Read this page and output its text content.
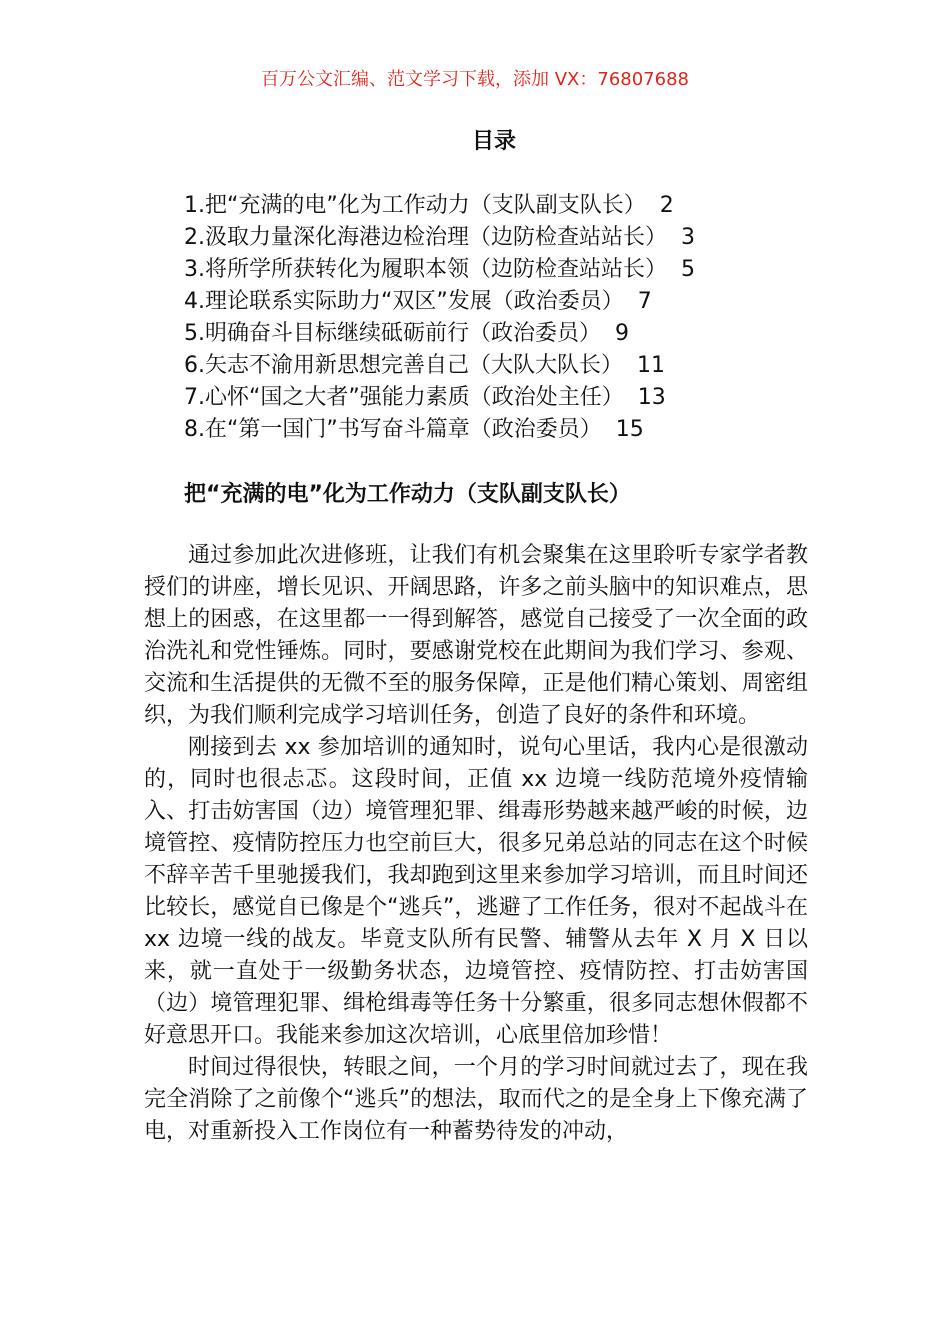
百万公文汇编、范文学习下载，添加 VX：76807688
目录
1.把“充满的电”化为工作动力（支队副支队长） 2
2.汲取力量深化海港边检治理（边防检查站站长） 3
3.将所学所获转化为履职本领（边防检查站站长） 5
4.理论联系实际助力“双区”发展（政治委员） 7
5.明确奋斗目标继续砥砺前行（政治委员） 9
6.矢志不渝用新思想完善自己（大队大队长） 11
7.心怀“国之大者”强能力素质（政治处主任） 13
8.在“第一国门”书写奋斗篇章（政治委员） 15
把“充满的电”化为工作动力（支队副支队长）

通过参加此次进修班，让我们有机会聚集在这里聆听专家学者教授们的讲座，增长见识、开阔思路，许多之前头脑中的知识难点，思想上的困惑，在这里都一一得到解答，感觉自己接受了一次全面的政治洗礼和党性锤炼。同时，要感谢党校在此期间为我们学习、参观、交流和生活提供的无微不至的服务保障，正是他们精心策划、周密组织，为我们顺利完成学习培训任务，创造了良好的条件和环境。

刚接到去 xx 参加培训的通知时，说句心里话，我内心是很激动的，同时也很忐忑。这段时间，正值 xx 边境一线防范境外疫情输入、打击妨害国（边）境管理犯罪、缉毒形势越来越严峻的时候，边境管控、疫情防控压力也空前巨大，很多兄弟总站的同志在这个时候不辞辛苦千里驰援我们，我却跑到这里来参加学习培训，而且时间还比较长，感觉自已像是个“逃兵”，逃避了工作任务，很对不起战斗在 xx 边境一线的战友。毕竟支队所有民警、辅警从去年 X 月 X 日以来，就一直处于一级勤务状态，边境管控、疫情防控、打击妨害国（边）境管理犯罪、缉枪缉毒等任务十分繁重，很多同志想休假都不好意思开口。我能来参加这次培训，心底里倍加珍惜！

时间过得很快，转眼之间，一个月的学习时间就过去了，现在我完全消除了之前像个“逃兵”的想法，取而代之的是全身上下像充满了电，对重新投入工作岗位有一种蓄势待发的冲动，
